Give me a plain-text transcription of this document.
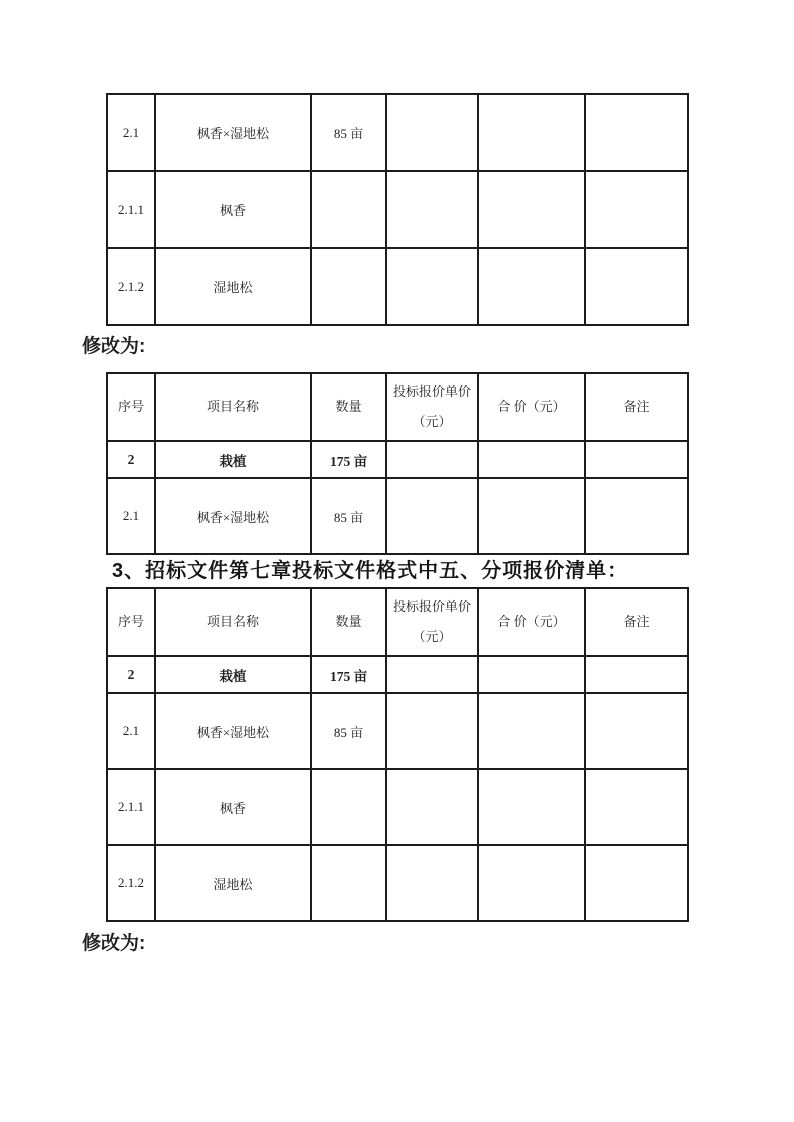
2.1	枫香×湿地松	85 亩			
2.1.1	枫香				
2.1.2	湿地松				
修改为:
序号	项目名称	数量	投标报价单价（元）	合 价（元）	备注
2	栽植	175 亩			
2.1	枫香×湿地松	85 亩			
3、招标文件第七章投标文件格式中五、分项报价清单：
序号	项目名称	数量	投标报价单价（元）	合 价（元）	备注
2	栽植	175 亩			
2.1	枫香×湿地松	85 亩			
2.1.1	枫香				
2.1.2	湿地松				
修改为:
